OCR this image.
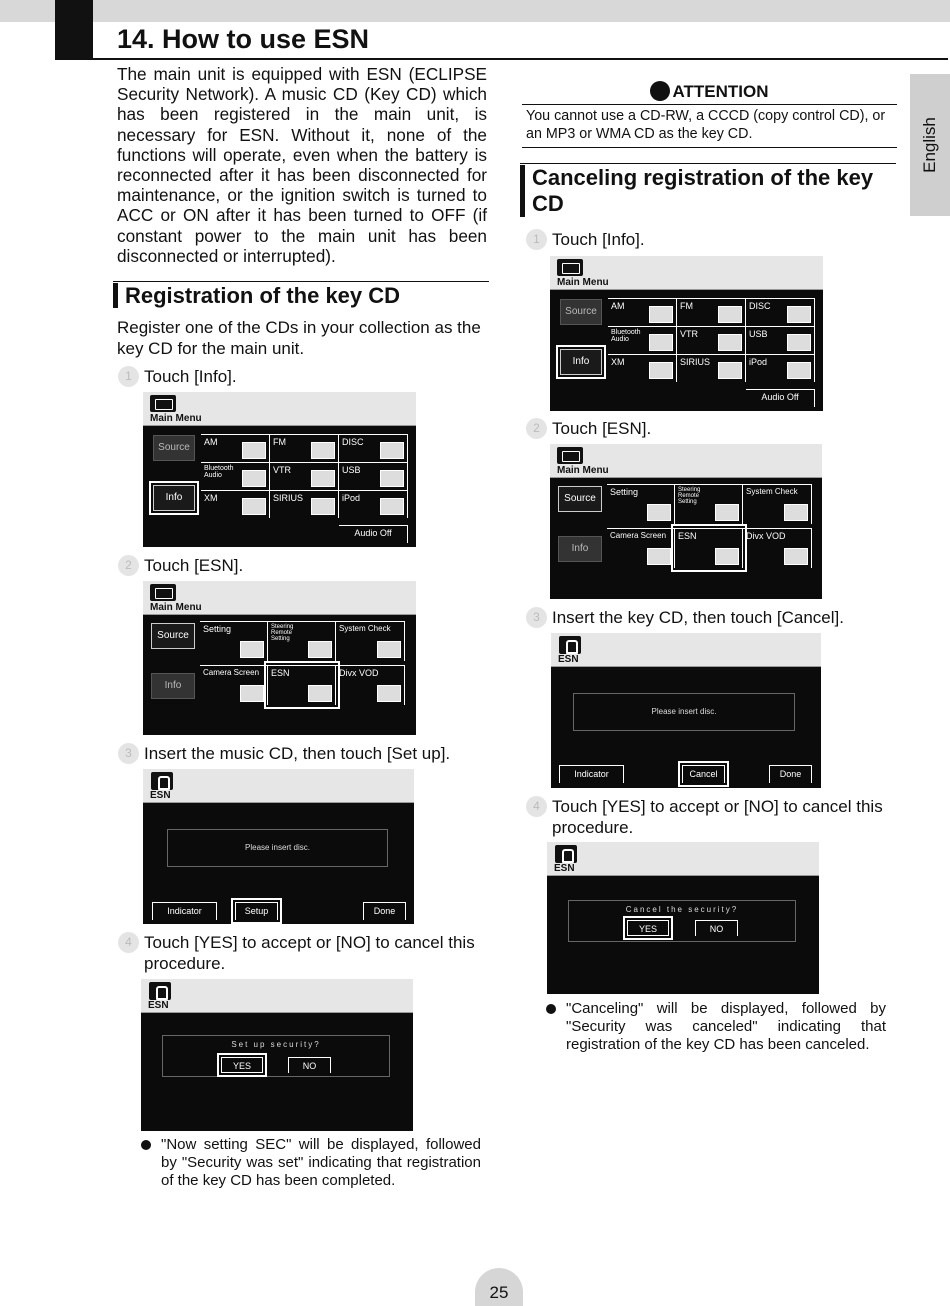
14. How to use ESN
The main unit is equipped with ESN (ECLIPSE Security Network). A music CD (Key CD) which has been registered in the main unit, is necessary for ESN. Without it, none of the functions will operate, even when the battery is reconnected after it has been disconnected for maintenance, or the ignition switch is turned to ACC or ON after it has been turned to OFF (if constant power to the main unit has been disconnected or interrupted).
Registration of the key CD
Register one of the CDs in your collection as the key CD for the main unit.
1 Touch [Info].
Main Menu
Source
Info
AM	FM	DISC
Bluetooth Audio
VTR	USB
XM	SIRIUS	iPod
Audio Off
2 Touch [ESN].
Main Menu
Source
Info
Setting	Steering Remote Setting
System Check
Camera Screen	ESN	Divx VOD
3 Insert the music CD, then touch [Set up].
ESN
Please insert disc.
Indicator	Setup	Done
4 Touch [YES] to accept or [NO] to cancel this procedure.
ESN
Set up security?
YES	NO
"Now setting SEC" will be displayed, followed by "Security was set" indicating that registration of the key CD has been completed.
ATTENTION
You cannot use a CD-RW, a CCCD (copy control CD), or an MP3 or WMA CD as the key CD.
Canceling registration of the key CD
1 Touch [Info].
Main Menu
Source
Info
AM	FM	DISC
Bluetooth Audio
VTR	USB
XM	SIRIUS	iPod
Audio Off
2 Touch [ESN].
Main Menu
Source
Info
Setting	Steering Remote Setting
System Check
Camera Screen	ESN	Divx VOD
3 Insert the key CD, then touch [Cancel].
ESN
Please insert disc.
Indicator	Cancel	Done
4 Touch [YES] to accept or [NO] to cancel this procedure.
ESN
Cancel the security?
YES	NO
"Canceling" will be displayed, followed by "Security was canceled" indicating that registration of the key CD has been canceled.
English
25
